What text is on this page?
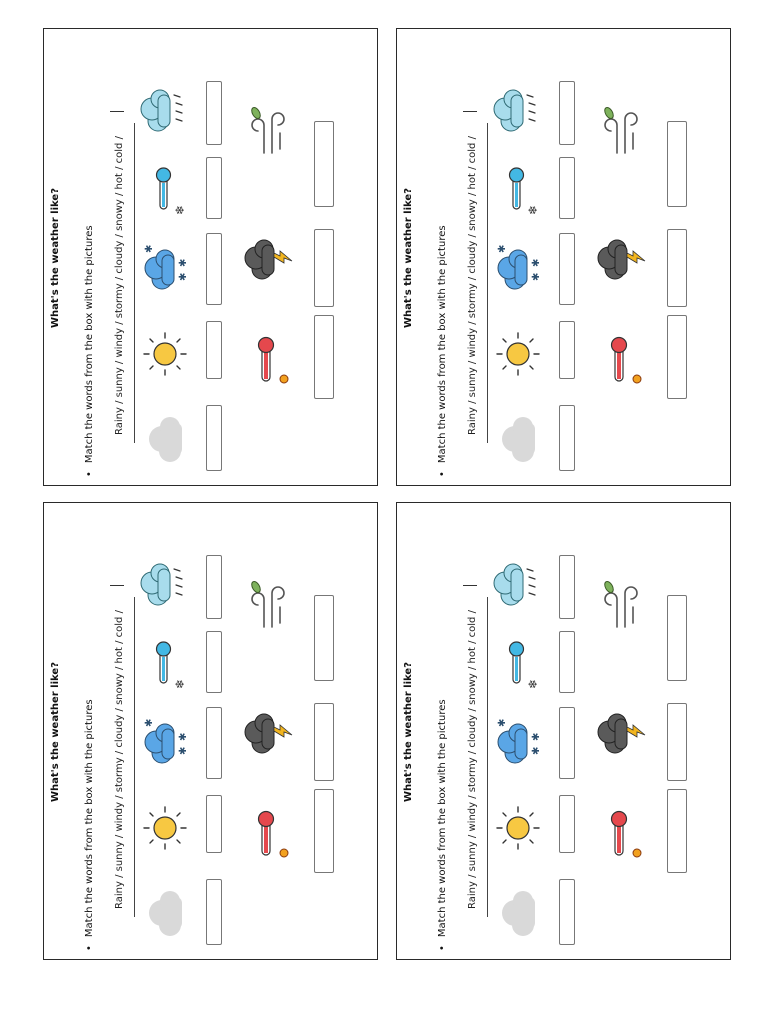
What's the weather like?
•Match the words from the box with the pictures Rainy / sunny / windy / stormy / cloudy / snowy / hot / cold /	✱
✱
✱
❄	What's the weather like?
•Match the words from the box with the pictures Rainy / sunny / windy / stormy / cloudy / snowy / hot / cold /	✱
✱
✱
❄
What's the weather like?
•Match the words from the box with the pictures Rainy / sunny / windy / stormy / cloudy / snowy / hot / cold /	✱
✱
✱
❄	What's the weather like?
•Match the words from the box with the pictures Rainy / sunny / windy / stormy / cloudy / snowy / hot / cold /	✱
✱
✱
❄
